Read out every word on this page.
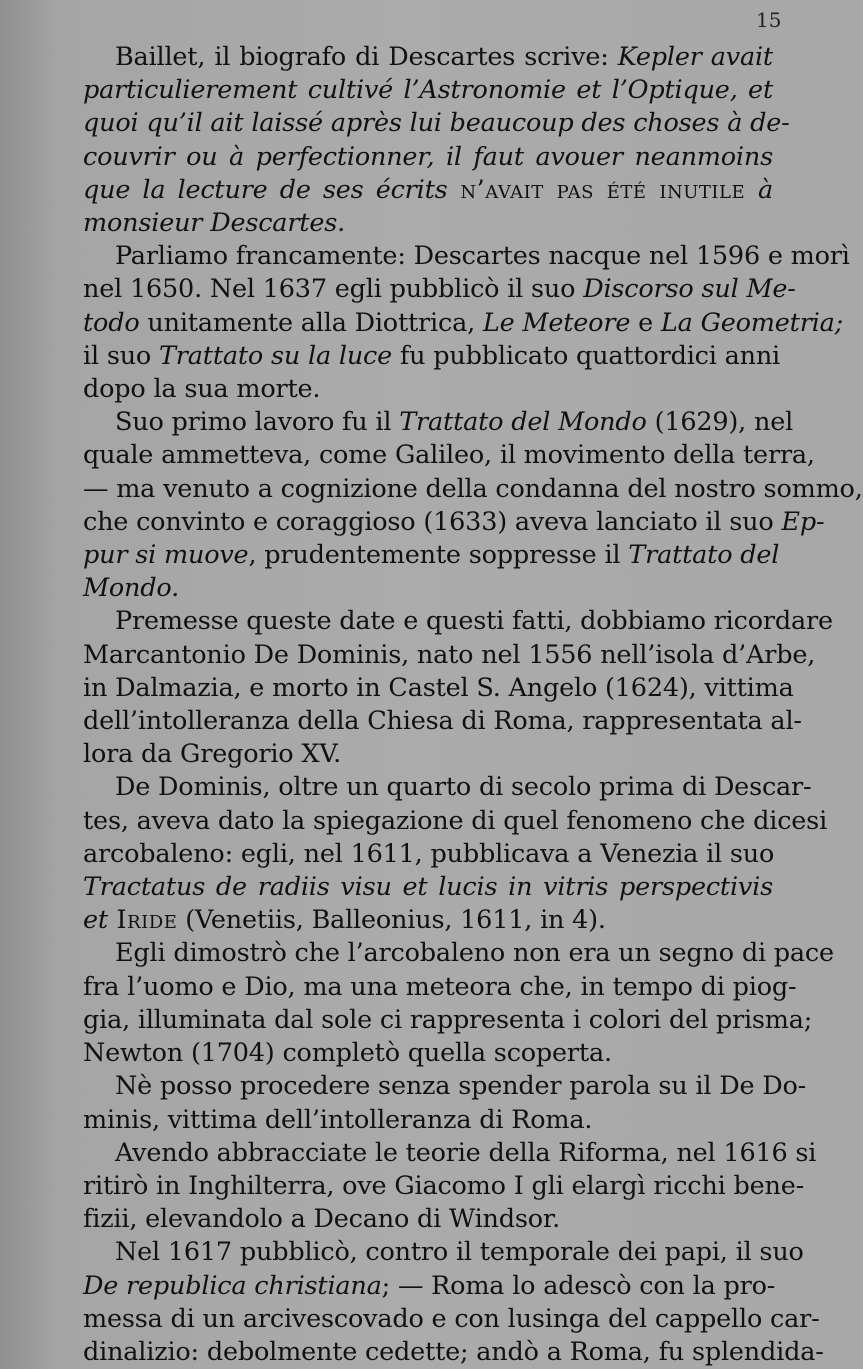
15
Baillet, il biografo di Descartes scrive: Kepler avait
particulierement cultivé l’Astronomie et l’Optique, et
quoi qu’il ait laissé après lui beaucoup des choses à de-
couvrir ou à perfectionner, il faut avouer neanmoins
que la lecture de ses écrits n’avait pas été inutile à
monsieur Descartes.
Parliamo francamente: Descartes nacque nel 1596 e morì
nel 1650. Nel 1637 egli pubblicò il suo Discorso sul Me-
todo unitamente alla Diottrica, Le Meteore e La Geometria;
il suo Trattato su la luce fu pubblicato quattordici anni
dopo la sua morte.
Suo primo lavoro fu il Trattato del Mondo (1629), nel
quale ammetteva, come Galileo, il movimento della terra,
— ma venuto a cognizione della condanna del nostro sommo,
che convinto e coraggioso (1633) aveva lanciato il suo Ep-
pur si muove, prudentemente soppresse il Trattato del
Mondo.
Premesse queste date e questi fatti, dobbiamo ricordare
Marcantonio De Dominis, nato nel 1556 nell’isola d’Arbe,
in Dalmazia, e morto in Castel S. Angelo (1624), vittima
dell’intolleranza della Chiesa di Roma, rappresentata al-
lora da Gregorio XV.
De Dominis, oltre un quarto di secolo prima di Descar-
tes, aveva dato la spiegazione di quel fenomeno che dicesi
arcobaleno: egli, nel 1611, pubblicava a Venezia il suo
Tractatus de radiis visu et lucis in vitris perspectivis
et Iride (Venetiis, Balleonius, 1611, in 4).
Egli dimostrò che l’arcobaleno non era un segno di pace
fra l’uomo e Dio, ma una meteora che, in tempo di piog-
gia, illuminata dal sole ci rappresenta i colori del prisma;
Newton (1704) completò quella scoperta.
Nè posso procedere senza spender parola su il De Do-
minis, vittima dell’intolleranza di Roma.
Avendo abbracciate le teorie della Riforma, nel 1616 si
ritirò in Inghilterra, ove Giacomo I gli elargì ricchi bene-
fizii, elevandolo a Decano di Windsor.
Nel 1617 pubblicò, contro il temporale dei papi, il suo
De republica christiana; — Roma lo adescò con la pro-
messa di un arcivescovado e con lusinga del cappello car-
dinalizio: debolmente cedette; andò a Roma, fu splendida-
